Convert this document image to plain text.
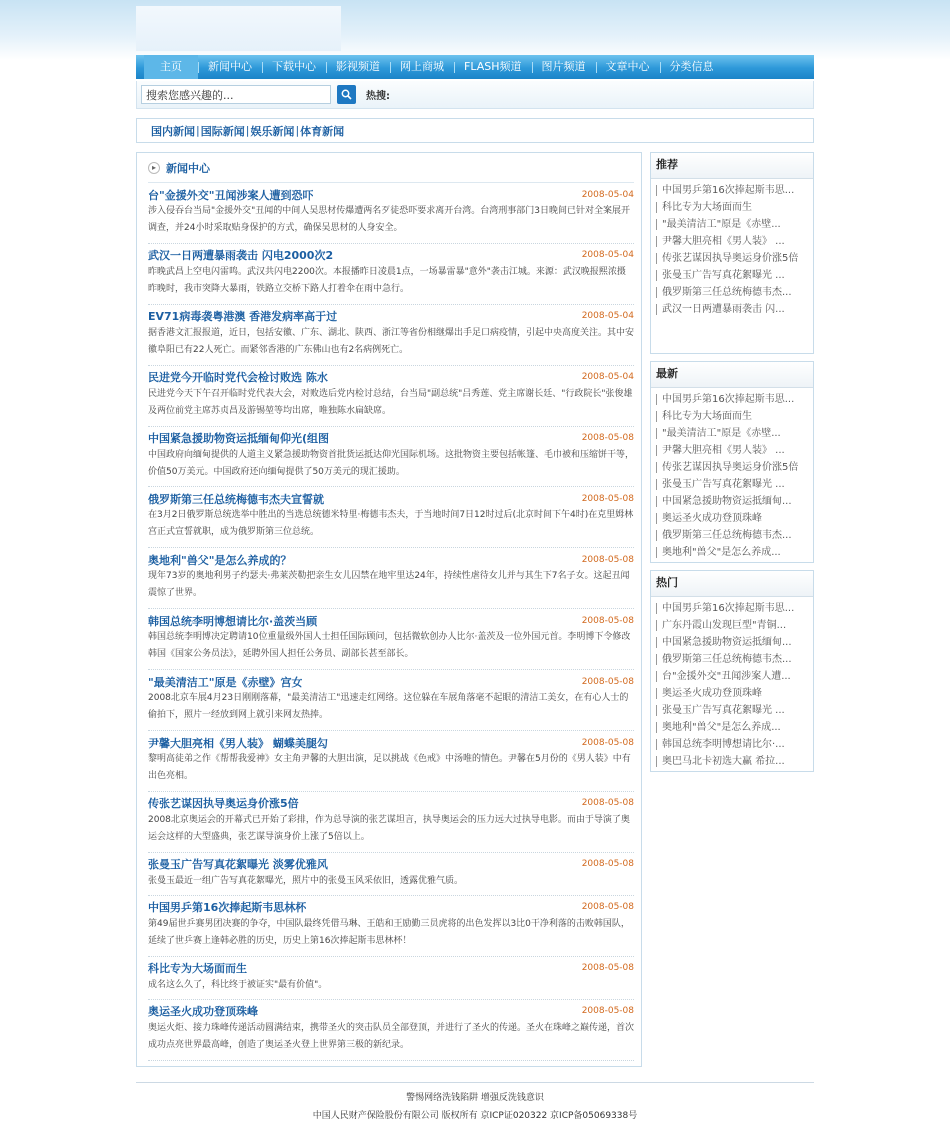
主页	新闻中心	下载中心	影视频道	网上商城	FLASH频道	图片频道	文章中心	分类信息
搜索您感兴趣的...
热搜:
国内新闻 | 国际新闻 | 娱乐新闻 | 体育新闻
▸ 新闻中心
台"金援外交"丑闻涉案人遭到恐吓	2008-05-04
涉入侵吞台当局"金援外交"丑闻的中间人吴思材传爆遭两名歹徒恐吓要求离开台湾。台湾刑事部门3日晚间已针对全案展开调查，并24小时采取贴身保护的方式，确保吴思材的人身安全。
武汉一日两遭暴雨袭击 闪电2000次2	2008-05-04
昨晚武昌上空电闪雷鸣。武汉共闪电2200次。本报播昨日凌晨1点，一场暴雷暴"意外"袭击江城。来源：武汉晚报熙浓摄昨晚时，我市突降大暴雨，铁路立交桥下路人打着伞在雨中急行。
EV71病毒袭粤港澳 香港发病率高于过	2008-05-04
据香港文汇报报道，近日，包括安徽、广东、湖北、陕西、浙江等省份相继爆出手足口病疫情，引起中央高度关注。其中安徽阜阳已有22人死亡。而紧邻香港的广东佛山也有2名病例死亡。
民进党今开临时党代会检讨败选 陈水	2008-05-04
民进党今天下午召开临时党代表大会，对败选后党内检讨总结，台当局"副总统"吕秀莲、党主席谢长廷、"行政院长"张俊雄及两位前党主席苏贞昌及游锡堃等均出席，唯独陈水扁缺席。
中国紧急援助物资运抵缅甸仰光(组图	2008-05-08
中国政府向缅甸提供的人道主义紧急援助物资首批货运抵达仰光国际机场。这批物资主要包括帐篷、毛巾被和压缩饼干等，价值50万美元。中国政府还向缅甸提供了50万美元的现汇援助。
俄罗斯第三任总统梅德韦杰夫宣誓就	2008-05-08
在3月2日俄罗斯总统选举中胜出的当选总统德米特里·梅德韦杰夫，于当地时间7日12时过后(北京时间下午4时)在克里姆林宫正式宣誓就职，成为俄罗斯第三位总统。
奥地利"兽父"是怎么养成的？	2008-05-08
现年73岁的奥地利男子约瑟夫·弗莱茨勒把亲生女儿囚禁在地牢里达24年，持续性虐待女儿并与其生下7名子女。这起丑闻震惊了世界。
韩国总统李明博想请比尔·盖茨当顾	2008-05-08
韩国总统李明博决定聘请10位重量级外国人士担任国际顾问，包括微软创办人比尔·盖茨及一位外国元首。李明博下令修改韩国《国家公务员法》，延聘外国人担任公务员、副部长甚至部长。
"最美清洁工"原是《赤壁》宫女	2008-05-08
2008北京车展4月23日刚刚落幕，"最美清洁工"迅速走红网络。这位躲在车展角落毫不起眼的清洁工美女，在有心人士的偷拍下，照片一经放到网上就引来网友热捧。
尹馨大胆亮相《男人装》 蝴蝶美腿勾	2008-05-08
黎明高徒弟之作《帮帮我爱神》女主角尹馨的大胆出演，足以挑战《色戒》中汤唯的情色。尹馨在5月份的《男人装》中有出色亮相。
传张艺谋因执导奥运身价涨5倍	2008-05-08
2008北京奥运会的开幕式已开始了彩排，作为总导演的张艺谋坦言，执导奥运会的压力远大过执导电影。而由于导演了奥运会这样的大型盛典，张艺谋导演身价上涨了5倍以上。
张曼玉广告写真花絮曝光 淡雾优雅风	2008-05-08
张曼玉最近一组广告写真花絮曝光，照片中的张曼玉风采依旧，透露优雅气质。
中国男乒第16次捧起斯韦思林杯	2008-05-08
第49届世乒赛男团决赛的争夺，中国队最终凭借马琳、王皓和王励勤三员虎将的出色发挥以3比0干净利落的击败韩国队，延续了世乒赛上逢韩必胜的历史，历史上第16次捧起斯韦思林杯！
科比专为大场面而生	2008-05-08
成名这么久了，科比终于被证实"最有价值"。
奥运圣火成功登顶珠峰	2008-05-08
奥运火炬、接力珠峰传递活动圆满结束，携带圣火的突击队员全部登顶，并进行了圣火的传递。圣火在珠峰之巅传递，首次成功点亮世界最高峰，创造了奥运圣火登上世界第三极的新纪录。
推荐
中国男乒第16次捧起斯韦思...
科比专为大场面而生
"最美清洁工"原是《赤壁...
尹馨大胆亮相《男人装》 ...
传张艺谋因执导奥运身价涨5倍
张曼玉广告写真花絮曝光 ...
俄罗斯第三任总统梅德韦杰...
武汉一日两遭暴雨袭击 闪...
最新
中国男乒第16次捧起斯韦思...
科比专为大场面而生
"最美清洁工"原是《赤壁...
尹馨大胆亮相《男人装》 ...
传张艺谋因执导奥运身价涨5倍
张曼玉广告写真花絮曝光 ...
中国紧急援助物资运抵缅甸...
奥运圣火成功登顶珠峰
俄罗斯第三任总统梅德韦杰...
奥地利"兽父"是怎么养成...
热门
中国男乒第16次捧起斯韦思...
广东丹霞山发现巨型"青铜...
中国紧急援助物资运抵缅甸...
俄罗斯第三任总统梅德韦杰...
台"金援外交"丑闻涉案人遭...
奥运圣火成功登顶珠峰
张曼玉广告写真花絮曝光 ...
奥地利"兽父"是怎么养成...
韩国总统李明博想请比尔·...
奥巴马北卡初选大赢 希拉...
警惕网络洗钱陷阱 增强反洗钱意识
中国人民财产保险股份有限公司 版权所有 京ICP证020322 京ICP备05069338号
